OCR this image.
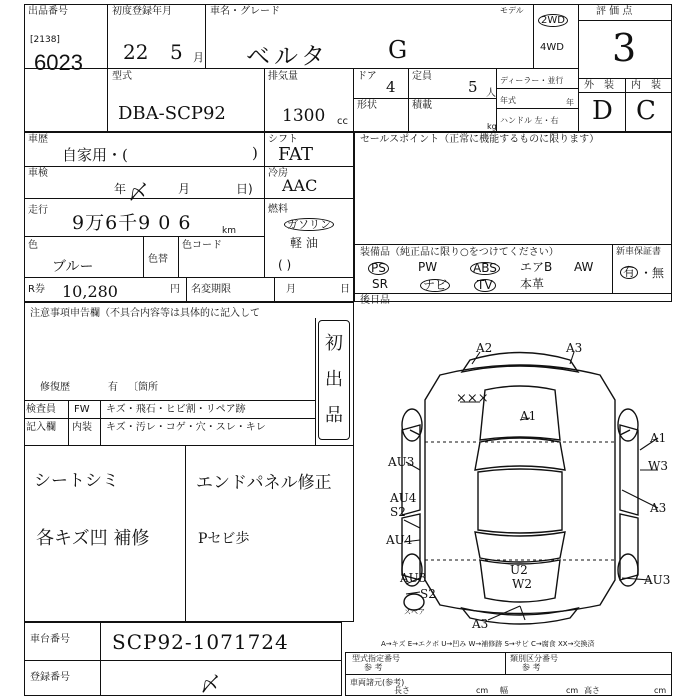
出品番号
[2138]
6023
初度登録年月
22 5 月
車名・グレード
ベルタ G
2WD
4WD
モデル	評 価 点
3
型式
DBA-SCP92
排気量
1300 cc
ドア
4
定員
5 人
形状	積載
kg
ディーラー・並行
年式	年
ハンドル 左・右
外 装 内 装
D C
車歴
自家用・(	)
車検
〆
年	月	日)
走行
9万6千9 0 6	km
色
ブルー	色替
色コード
R券 10,280	円 名変期限	月	日
シフト
FAT
冷房
AAC
燃料
ガソリン
軽 油
( )
セールスポイント（正常に機能するものに限ります）
装備品（純正品に限り○をつけてください）	新車保証書
有 ・無
PS	PW	ABS エアB AW
SR	ナビ TV 本革
後日品
注意事項申告欄（不具合内容等は具体的に記入して
修復歴	有 〔箇所
初
出
品
検査員
記入欄
FW
内装
キズ・飛石・ヒビ割・リペア跡
キズ・汚レ・コゲ・穴・スレ・キレ
シートシミ	エンドパネル修正
各キズ凹 補修	Pセビ歩
A2	A3
A1
A1
W3
A3
AU3
AU4
S2
AU4
U2
W2
AU3
S2
AU3
A3
×××
スペア
A→キズ E→エクボ U→凹み W→補修跡 S→サビ C→腐食 XX→交換済
車台番号 SCP92-1071724
登録番号	〆
型式指定番号
参 考
類別区分番号
参 考
車両諸元(参考)
長さ	cm 幅	cm 高さ	cm
